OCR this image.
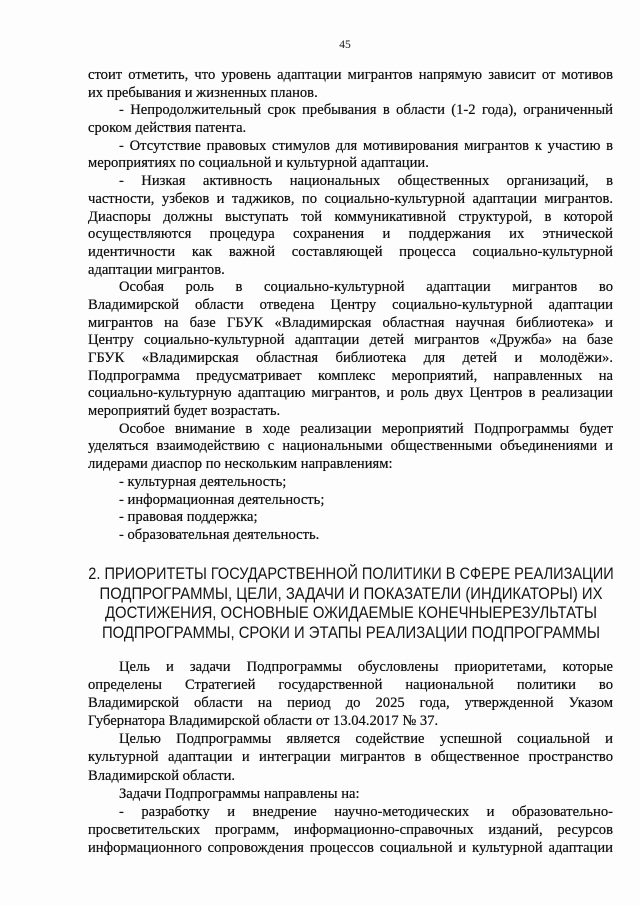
45
стоит отметить, что уровень адаптации мигрантов напрямую зависит от мотивов
их пребывания и жизненных планов.
- Непродолжительный срок пребывания в области (1-2 года), ограниченный
сроком действия патента.
- Отсутствие правовых стимулов для мотивирования мигрантов к участию в
мероприятиях по социальной и культурной адаптации.
- Низкая активность национальных общественных организаций, в
частности, узбеков и таджиков, по социально-культурной адаптации мигрантов.
Диаспоры должны выступать той коммуникативной структурой, в которой
осуществляются процедура сохранения и поддержания их этнической
идентичности как важной составляющей процесса социально-культурной
адаптации мигрантов.
Особая роль в социально-культурной адаптации мигрантов во
Владимирской области отведена Центру социально-культурной адаптации
мигрантов на базе ГБУК «Владимирская областная научная библиотека» и
Центру социально-культурной адаптации детей мигрантов «Дружба» на базе
ГБУК «Владимирская областная библиотека для детей и молодёжи».
Подпрограмма предусматривает комплекс мероприятий, направленных на
социально-культурную адаптацию мигрантов, и роль двух Центров в реализации
мероприятий будет возрастать.
Особое внимание в ходе реализации мероприятий Подпрограммы будет
уделяться взаимодействию с национальными общественными объединениями и
лидерами диаспор по нескольким направлениям:
- культурная деятельность;
- информационная деятельность;
- правовая поддержка;
- образовательная деятельность.
2. ПРИОРИТЕТЫ ГОСУДАРСТВЕННОЙ ПОЛИТИКИ В СФЕРЕ РЕАЛИЗАЦИИ
ПОДПРОГРАММЫ, ЦЕЛИ, ЗАДАЧИ И ПОКАЗАТЕЛИ (ИНДИКАТОРЫ) ИХ
ДОСТИЖЕНИЯ, ОСНОВНЫЕ ОЖИДАЕМЫЕ КОНЕЧНЫЕРЕЗУЛЬТАТЫ
ПОДПРОГРАММЫ, СРОКИ И ЭТАПЫ РЕАЛИЗАЦИИ ПОДПРОГРАММЫ
Цель и задачи Подпрограммы обусловлены приоритетами, которые
определены Стратегией государственной национальной политики во
Владимирской области на период до 2025 года, утвержденной Указом
Губернатора Владимирской области от 13.04.2017 № 37.
Целью Подпрограммы является содействие успешной социальной и
культурной адаптации и интеграции мигрантов в общественное пространство
Владимирской области.
Задачи Подпрограммы направлены на:
- разработку и внедрение научно-методических и образовательно-
просветительских программ, информационно-справочных изданий, ресурсов
информационного сопровождения процессов социальной и культурной адаптации
